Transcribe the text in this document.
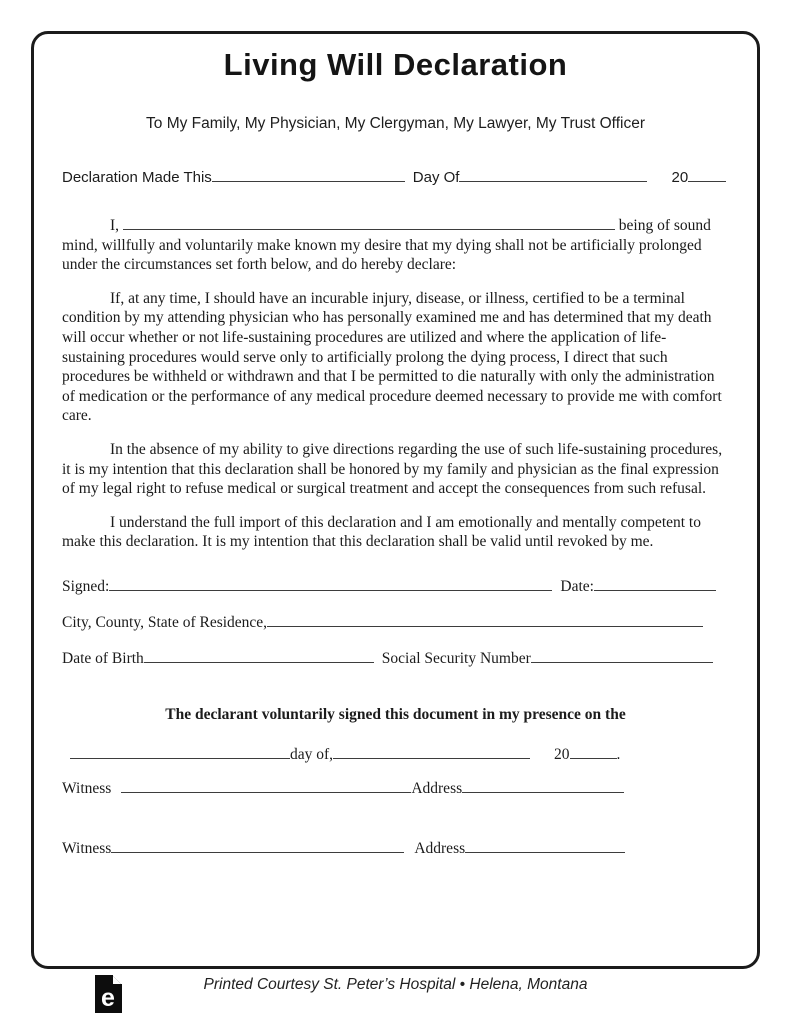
Living Will Declaration
To My Family, My Physician, My Clergyman, My Lawyer, My Trust Officer
Declaration Made This	Day Of	20

I,	being of sound mind, willfully and voluntarily make known my desire that my dying shall not be artificially prolonged under the circumstances set forth below, and do hereby declare:

If, at any time, I should have an incurable injury, disease, or illness, certified to be a terminal condition by my attending physician who has personally examined me and has determined that my death will occur whether or not life-sustaining procedures are utilized and where the application of life-sustaining procedures would serve only to artificially prolong the dying process, I direct that such procedures be withheld or withdrawn and that I be permitted to die naturally with only the administration of medication or the performance of any medical procedure deemed necessary to provide me with comfort care.

In the absence of my ability to give directions regarding the use of such life-sustaining procedures, it is my intention that this declaration shall be honored by my family and physician as the final expression of my legal right to refuse medical or surgical treatment and accept the consequences from such refusal.

I understand the full import of this declaration and I am emotionally and mentally competent to make this declaration. It is my intention that this declaration shall be valid until revoked by me.

Signed:	Date:
City, County, State of Residence,
Date of Birth	Social Security Number
The declarant voluntarily signed this document in my presence on the
day of,	20	.
Witness	Address
Witness	Address
e	Printed Courtesy St. Peter’s Hospital • Helena, Montana
